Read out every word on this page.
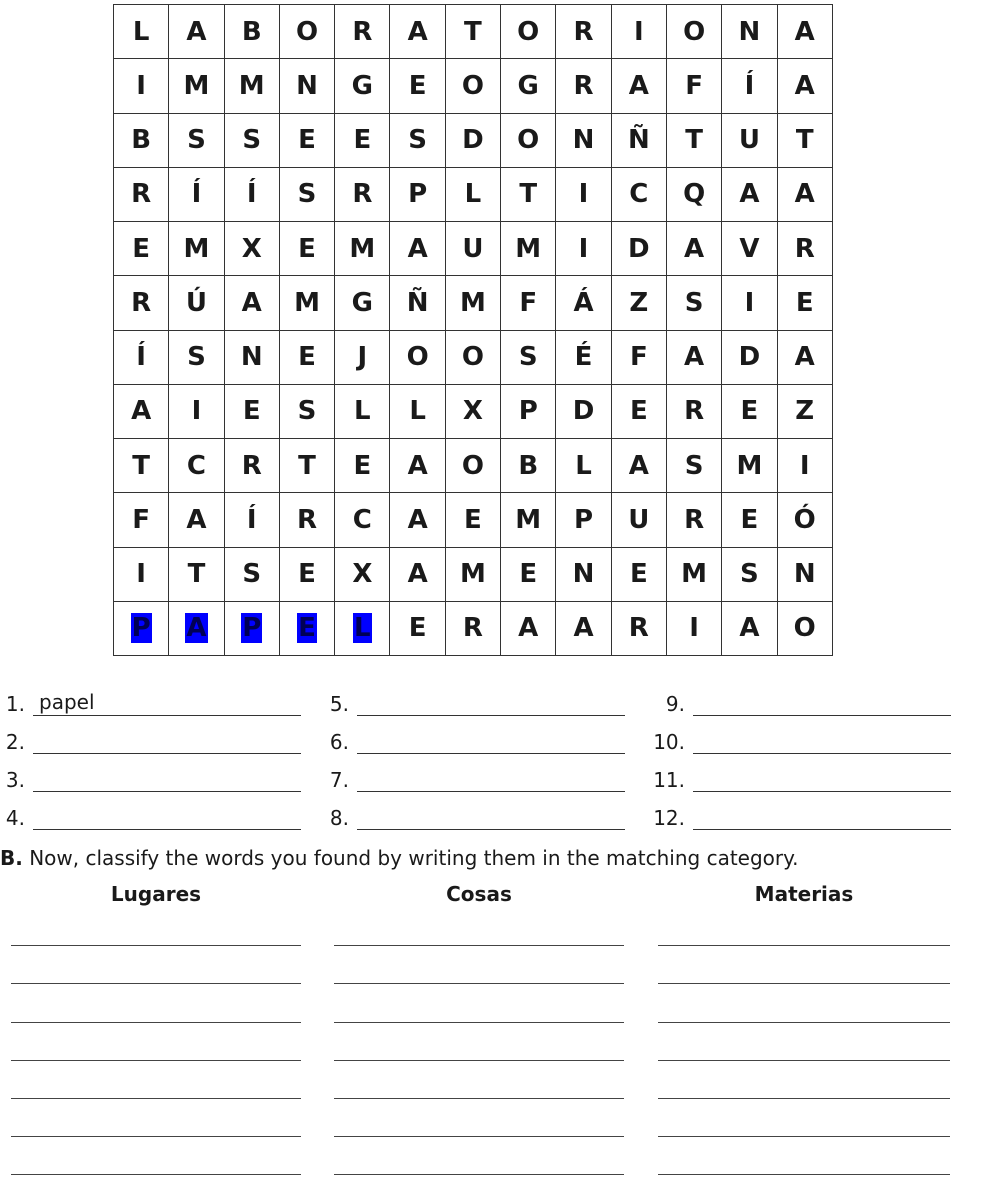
L A B O R A T O R I O N A
I M M N G E O G R A F Í A
B S S E E S D O N Ñ T U T
R Í Í S R P L T I C Q A A
E M X E M A U M I D A V R
R Ú A M G Ñ M F Á Z S I E
Í S N E J O O S É F A D A
A I E S L L X P D E R E Z
T C R T E A O B L A S M I
F A Í R C A E M P U R E Ó
I T S E X A M E N E M S N
P A P E L E R A A R I A O
1. papel
2.
3.
4.
5.
6.
7.
8.
9.
10.
11.
12.
B. Now, classify the words you found by writing them in the matching category.
Lugares	Cosas	Materias
